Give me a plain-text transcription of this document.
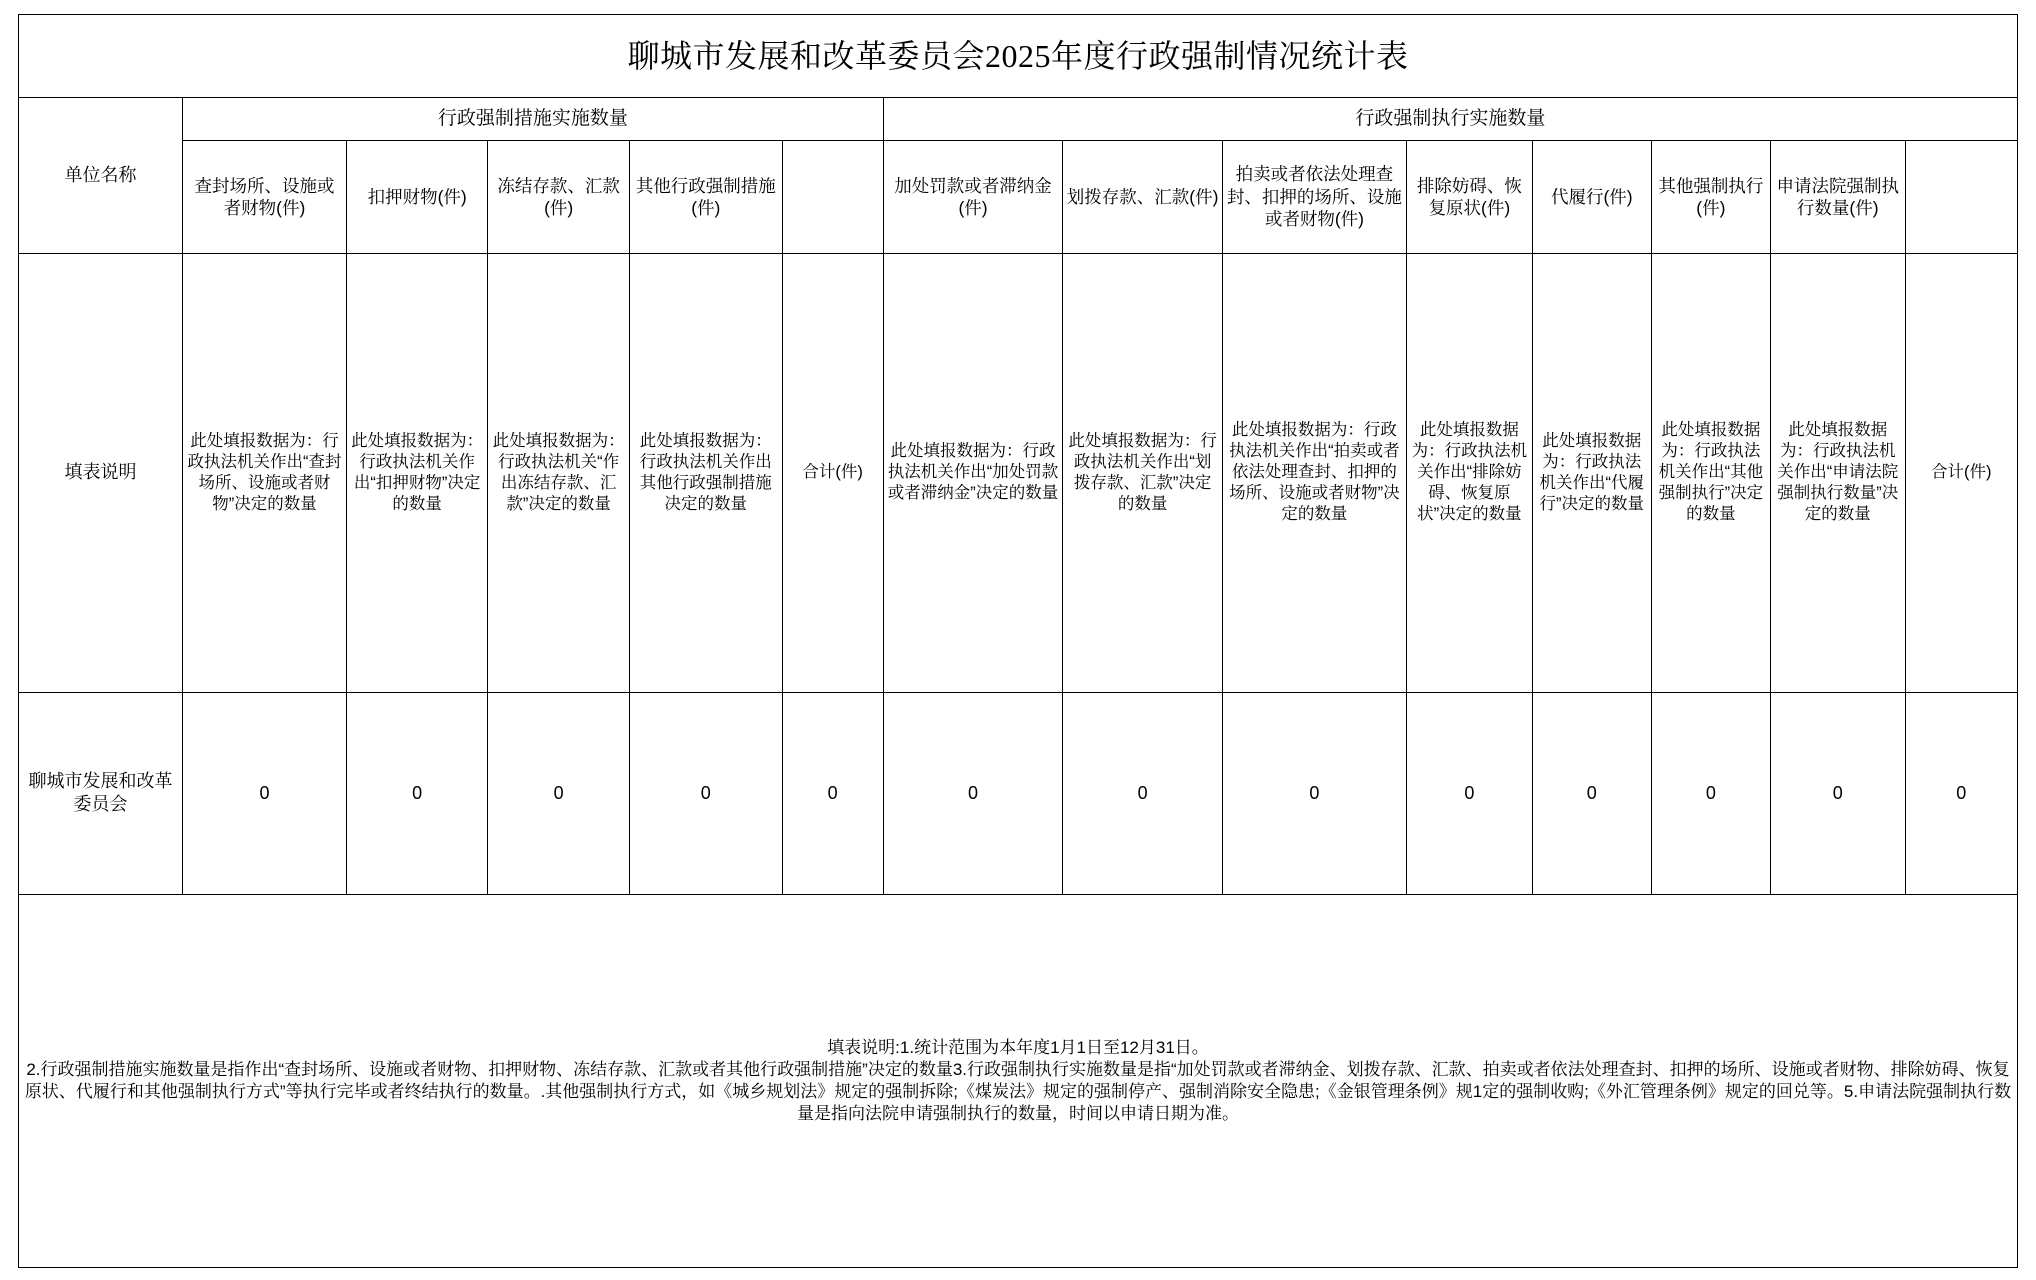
聊城市发展和改革委员会2025年度行政强制情况统计表													
单位名称	行政强制措施实施数量					行政强制执行实施数量							
	查封场所、设施或者财物(件)	扣押财物(件)	冻结存款、汇款(件)	其他行政强制措施(件)		加处罚款或者滞纳金(件)	划拨存款、汇款(件)	拍卖或者依法处理查封、扣押的场所、设施或者财物(件)	排除妨碍、恢复原状(件)	代履行(件)	其他强制执行(件)	申请法院强制执行数量(件)	
填表说明	此处填报数据为：行政执法机关作出“查封场所、设施或者财物”决定的数量	此处填报数据为：行政执法机关作出“扣押财物”决定的数量	此处填报数据为：行政执法机关“作出冻结存款、汇款”决定的数量	此处填报数据为：行政执法机关作出其他行政强制措施决定的数量	合计(件)	此处填报数据为：行政执法机关作出“加处罚款或者滞纳金”决定的数量	此处填报数据为：行政执法机关作出“划拨存款、汇款”决定的数量	此处填报数据为：行政执法机关作出“拍卖或者依法处理查封、扣押的场所、设施或者财物”决定的数量	此处填报数据为：行政执法机关作出“排除妨碍、恢复原状”决定的数量	此处填报数据为：行政执法机关作出“代履行”决定的数量	此处填报数据为：行政执法机关作出“其他强制执行”决定的数量	此处填报数据为：行政执法机关作出“申请法院强制执行数量”决定的数量	合计(件)
聊城市发展和改革委员会	0	0	0	0	0	0	0	0	0	0	0	0	0

填表说明:1.统计范围为本年度1月1日至12月31日。

2.行政强制措施实施数量是指作出“查封场所、设施或者财物、扣押财物、冻结存款、汇款或者其他行政强制措施”决定的数量3.行政强制执行实施数量是指“加处罚款或者滞纳金、划拨存款、汇款、拍卖或者依法处理查封、扣押的场所、设施或者财物、排除妨碍、恢复原状、代履行和其他强制执行方式”等执行完毕或者终结执行的数量。.其他强制执行方式，如《城乡规划法》规定的强制拆除;《煤炭法》规定的强制停产、强制消除安全隐患;《金银管理条例》规1定的强制收购;《外汇管理条例》规定的回兑等。5.申请法院强制执行数量是指向法院申请强制执行的数量，时间以申请日期为准。													
